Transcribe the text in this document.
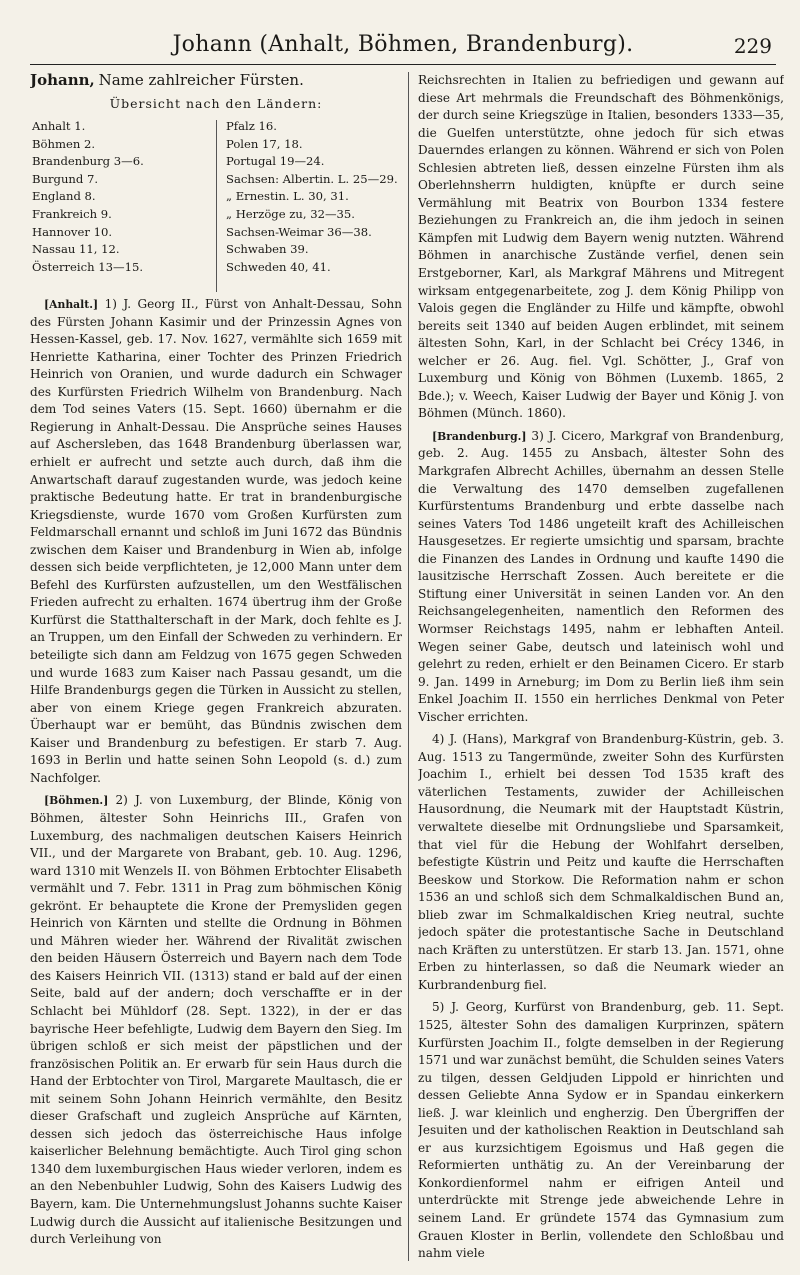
Johann (Anhalt, Böhmen, Brandenburg).	229

Johann, Name zahlreicher Fürsten.

Übersicht nach den Ländern:
Anhalt 1.
Böhmen 2.
Brandenburg 3—6.
Burgund 7.
England 8.
Frankreich 9.
Hannover 10.
Nassau 11, 12.
Österreich 13—15.
Pfalz 16.
Polen 17, 18.
Portugal 19—24.
Sachsen: Albertin. L. 25—29.
„ Ernestin. L. 30, 31.
„ Herzöge zu, 32—35.
Sachsen-Weimar 36—38.
Schwaben 39.
Schweden 40, 41.

[Anhalt.] 1) J. Georg II., Fürst von Anhalt-Dessau, Sohn des Fürsten Johann Kasimir und der Prinzessin Agnes von Hessen-Kassel, geb. 17. Nov. 1627, vermählte sich 1659 mit Henriette Katharina, einer Tochter des Prinzen Friedrich Heinrich von Oranien, und wurde dadurch ein Schwager des Kurfürsten Friedrich Wilhelm von Brandenburg. Nach dem Tod seines Vaters (15. Sept. 1660) übernahm er die Regierung in Anhalt-Dessau. Die Ansprüche seines Hauses auf Aschersleben, das 1648 Brandenburg überlassen war, erhielt er aufrecht und setzte auch durch, daß ihm die Anwartschaft darauf zugestanden wurde, was jedoch keine praktische Bedeutung hatte. Er trat in brandenburgische Kriegsdienste, wurde 1670 vom Großen Kurfürsten zum Feldmarschall ernannt und schloß im Juni 1672 das Bündnis zwischen dem Kaiser und Brandenburg in Wien ab, infolge dessen sich beide verpflichteten, je 12,000 Mann unter dem Befehl des Kurfürsten aufzustellen, um den Westfälischen Frieden aufrecht zu erhalten. 1674 übertrug ihm der Große Kurfürst die Statthalterschaft in der Mark, doch fehlte es J. an Truppen, um den Einfall der Schweden zu verhindern. Er beteiligte sich dann am Feldzug von 1675 gegen Schweden und wurde 1683 zum Kaiser nach Passau gesandt, um die Hilfe Brandenburgs gegen die Türken in Aussicht zu stellen, aber von einem Kriege gegen Frankreich abzuraten. Überhaupt war er bemüht, das Bündnis zwischen dem Kaiser und Brandenburg zu befestigen. Er starb 7. Aug. 1693 in Berlin und hatte seinen Sohn Leopold (s. d.) zum Nachfolger.

[Böhmen.] 2) J. von Luxemburg, der Blinde, König von Böhmen, ältester Sohn Heinrichs III., Grafen von Luxemburg, des nachmaligen deutschen Kaisers Heinrich VII., und der Margarete von Brabant, geb. 10. Aug. 1296, ward 1310 mit Wenzels II. von Böhmen Erbtochter Elisabeth vermählt und 7. Febr. 1311 in Prag zum böhmischen König gekrönt. Er behauptete die Krone der Premysliden gegen Heinrich von Kärnten und stellte die Ordnung in Böhmen und Mähren wieder her. Während der Rivalität zwischen den beiden Häusern Österreich und Bayern nach dem Tode des Kaisers Heinrich VII. (1313) stand er bald auf der einen Seite, bald auf der andern; doch verschaffte er in der Schlacht bei Mühldorf (28. Sept. 1322), in der er das bayrische Heer befehligte, Ludwig dem Bayern den Sieg. Im übrigen schloß er sich meist der päpstlichen und der französischen Politik an. Er erwarb für sein Haus durch die Hand der Erbtochter von Tirol, Margarete Maultasch, die er mit seinem Sohn Johann Heinrich vermählte, den Besitz dieser Grafschaft und zugleich Ansprüche auf Kärnten, dessen sich jedoch das österreichische Haus infolge kaiserlicher Belehnung bemächtigte. Auch Tirol ging schon 1340 dem luxemburgischen Haus wieder verloren, indem es an den Nebenbuhler Ludwig, Sohn des Kaisers Ludwig des Bayern, kam. Die Unternehmungslust Johanns suchte Kaiser Ludwig durch die Aussicht auf italienische Besitzungen und durch Verleihung von

Reichsrechten in Italien zu befriedigen und gewann auf diese Art mehrmals die Freundschaft des Böhmenkönigs, der durch seine Kriegszüge in Italien, besonders 1333—35, die Guelfen unterstützte, ohne jedoch für sich etwas Dauerndes erlangen zu können. Während er sich von Polen Schlesien abtreten ließ, dessen einzelne Fürsten ihm als Oberlehnsherrn huldigten, knüpfte er durch seine Vermählung mit Beatrix von Bourbon 1334 festere Beziehungen zu Frankreich an, die ihm jedoch in seinen Kämpfen mit Ludwig dem Bayern wenig nutzten. Während Böhmen in anarchische Zustände verfiel, denen sein Erstgeborner, Karl, als Markgraf Mährens und Mitregent wirksam entgegenarbeitete, zog J. dem König Philipp von Valois gegen die Engländer zu Hilfe und kämpfte, obwohl bereits seit 1340 auf beiden Augen erblindet, mit seinem ältesten Sohn, Karl, in der Schlacht bei Crécy 1346, in welcher er 26. Aug. fiel. Vgl. Schötter, J., Graf von Luxemburg und König von Böhmen (Luxemb. 1865, 2 Bde.); v. Weech, Kaiser Ludwig der Bayer und König J. von Böhmen (Münch. 1860).

[Brandenburg.] 3) J. Cicero, Markgraf von Brandenburg, geb. 2. Aug. 1455 zu Ansbach, ältester Sohn des Markgrafen Albrecht Achilles, übernahm an dessen Stelle die Verwaltung des 1470 demselben zugefallenen Kurfürstentums Brandenburg und erbte dasselbe nach seines Vaters Tod 1486 ungeteilt kraft des Achilleischen Hausgesetzes. Er regierte umsichtig und sparsam, brachte die Finanzen des Landes in Ordnung und kaufte 1490 die lausitzische Herrschaft Zossen. Auch bereitete er die Stiftung einer Universität in seinen Landen vor. An den Reichsangelegenheiten, namentlich den Reformen des Wormser Reichstags 1495, nahm er lebhaften Anteil. Wegen seiner Gabe, deutsch und lateinisch wohl und gelehrt zu reden, erhielt er den Beinamen Cicero. Er starb 9. Jan. 1499 in Arneburg; im Dom zu Berlin ließ ihm sein Enkel Joachim II. 1550 ein herrliches Denkmal von Peter Vischer errichten.

4) J. (Hans), Markgraf von Brandenburg-Küstrin, geb. 3. Aug. 1513 zu Tangermünde, zweiter Sohn des Kurfürsten Joachim I., erhielt bei dessen Tod 1535 kraft des väterlichen Testaments, zuwider der Achilleischen Hausordnung, die Neumark mit der Hauptstadt Küstrin, verwaltete dieselbe mit Ordnungsliebe und Sparsamkeit, that viel für die Hebung der Wohlfahrt derselben, befestigte Küstrin und Peitz und kaufte die Herrschaften Beeskow und Storkow. Die Reformation nahm er schon 1536 an und schloß sich dem Schmalkaldischen Bund an, blieb zwar im Schmalkaldischen Krieg neutral, suchte jedoch später die protestantische Sache in Deutschland nach Kräften zu unterstützen. Er starb 13. Jan. 1571, ohne Erben zu hinterlassen, so daß die Neumark wieder an Kurbrandenburg fiel.

5) J. Georg, Kurfürst von Brandenburg, geb. 11. Sept. 1525, ältester Sohn des damaligen Kurprinzen, spätern Kurfürsten Joachim II., folgte demselben in der Regierung 1571 und war zunächst bemüht, die Schulden seines Vaters zu tilgen, dessen Geldjuden Lippold er hinrichten und dessen Geliebte Anna Sydow er in Spandau einkerkern ließ. J. war kleinlich und engherzig. Den Übergriffen der Jesuiten und der katholischen Reaktion in Deutschland sah er aus kurzsichtigem Egoismus und Haß gegen die Reformierten unthätig zu. An der Vereinbarung der Konkordienformel nahm er eifrigen Anteil und unterdrückte mit Strenge jede abweichende Lehre in seinem Land. Er gründete 1574 das Gymnasium zum Grauen Kloster in Berlin, vollendete den Schloßbau und nahm viele
